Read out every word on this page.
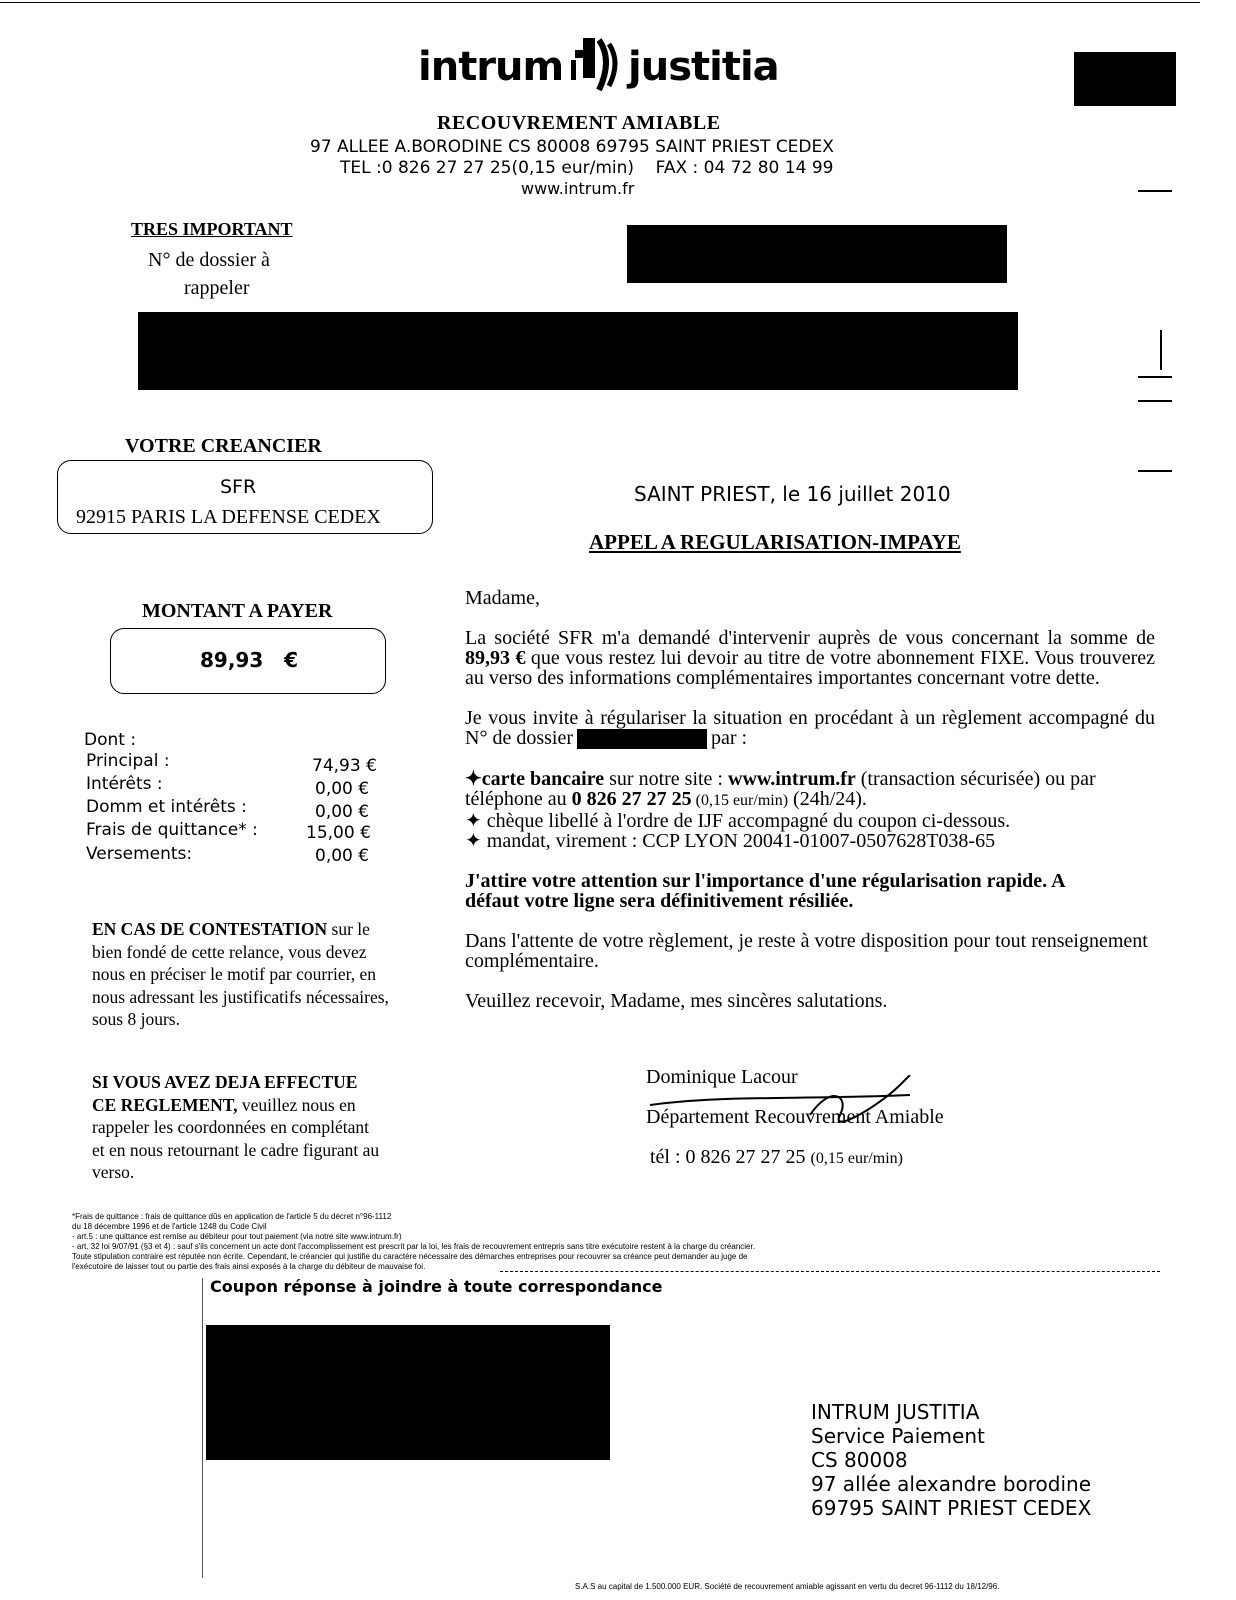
intrum justitia
RECOUVREMENT AMIABLE
97 ALLEE A.BORODINE CS 80008 69795 SAINT PRIEST CEDEX
TEL :0 826 27 27 25(0,15 eur/min)    FAX : 04 72 80 14 99
www.intrum.fr
TRES IMPORTANT
N° de dossier à
rappeler
VOTRE CREANCIER
SFR
92915 PARIS LA DEFENSE CEDEX
SAINT PRIEST, le 16 juillet 2010
APPEL A REGULARISATION-IMPAYE
MONTANT A PAYER
89,93   €
Dont :
Principal :	74,93 €
Intérêts :	0,00 €
Domm et intérêts :	0,00 €
Frais de quittance* :	15,00 €
Versements:	0,00 €
EN CAS DE CONTESTATION sur le bien fondé de cette relance, vous devez nous en préciser le motif par courrier, en nous adressant les justificatifs nécessaires, sous 8 jours.
SI VOUS AVEZ DEJA EFFECTUE CE REGLEMENT, veuillez nous en rappeler les coordonnées en complétant et en nous retournant le cadre figurant au verso.
Madame,
La société SFR m'a demandé d'intervenir auprès de vous concernant la somme de 89,93 € que vous restez lui devoir au titre de votre abonnement FIXE. Vous trouverez au verso des informations complémentaires importantes concernant votre dette.
Je vous invite à régulariser la situation en procédant à un règlement accompagné du N° de dossier	par :
✦carte bancaire sur notre site : www.intrum.fr (transaction sécurisée) ou par téléphone au 0 826 27 27 25 (0,15 eur/min) (24h/24).
✦ chèque libellé à l'ordre de IJF accompagné du coupon ci-dessous.
✦ mandat, virement : CCP LYON 20041-01007-0507628T038-65
J'attire votre attention sur l'importance d'une régularisation rapide. A défaut votre ligne sera définitivement résiliée.
Dans l'attente de votre règlement, je reste à votre disposition pour tout renseignement complémentaire.
Veuillez recevoir, Madame, mes sincères salutations.
Dominique Lacour
Département Recouvrement Amiable
tél : 0 826 27 27 25 (0,15 eur/min)
*Frais de quittance : frais de quittance dûs en application de l'article 5 du décret n°96-1112
du 18 décembre 1996 et de l'article 1248 du Code Civil
- art.5 : une quittance est remise au débiteur pour tout paiement (via notre site www.intrum.fr)
- art. 32 loi 9/07/91 (§3 et 4) : sauf s'ils concernent un acte dont l'accomplissement est prescrit par la loi, les frais de recouvrement entrepris sans titre exécutoire restent à la charge du créancier.
Toute stipulation contraire est réputée non écrite. Cependant, le créancier qui justifie du caractère nécessaire des démarches entreprises pour recouvrer sa créance peut demander au juge de
l'exécutoire de laisser tout ou partie des frais ainsi exposés à la charge du débiteur de mauvaise foi.
Coupon réponse à joindre à toute correspondance
INTRUM JUSTITIA
Service Paiement
CS 80008
97 allée alexandre borodine
69795 SAINT PRIEST CEDEX
S.A.S au capital de 1.500.000 EUR. Société de recouvrement amiable agissant en vertu du decret 96-1112 du 18/12/96.
